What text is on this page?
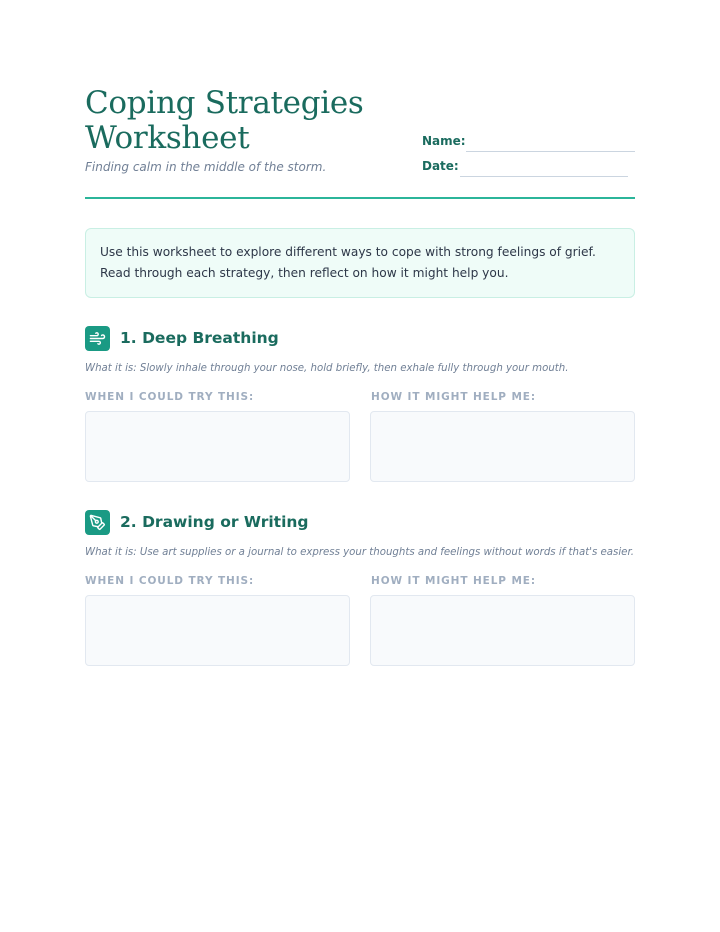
Coping Strategies Worksheet
Finding calm in the middle of the storm.
Name:
Date:
Use this worksheet to explore different ways to cope with strong feelings of grief. Read through each strategy, then reflect on how it might help you.
1. Deep Breathing
What it is: Slowly inhale through your nose, hold briefly, then exhale fully through your mouth.
WHEN I COULD TRY THIS:	HOW IT MIGHT HELP ME:
2. Drawing or Writing
What it is: Use art supplies or a journal to express your thoughts and feelings without words if that's easier.
WHEN I COULD TRY THIS:	HOW IT MIGHT HELP ME:
